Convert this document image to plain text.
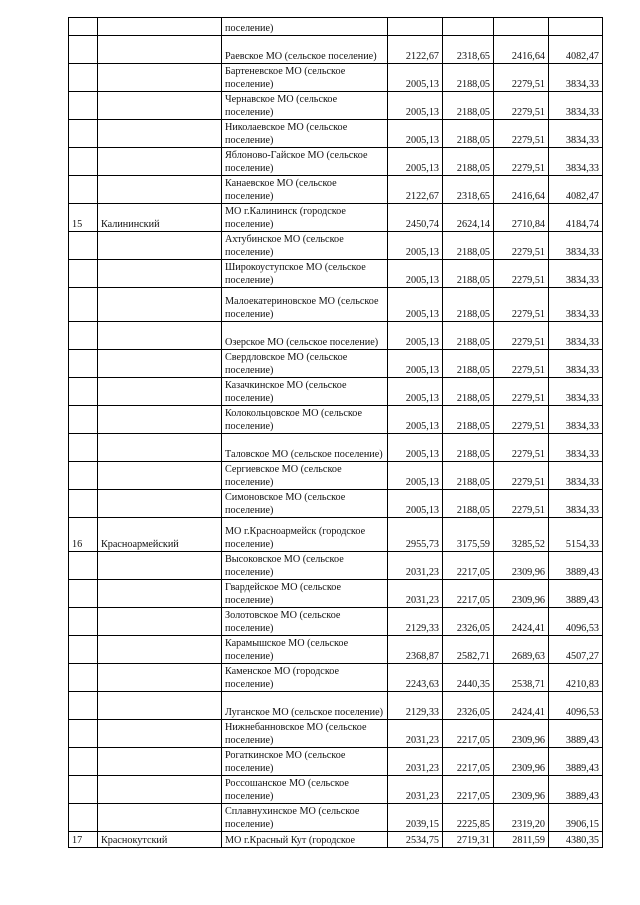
		поселение)				
		Раевское МО (сельское поселение)	2122,67	2318,65	2416,64	4082,47
		Бартеневское МО (сельское поселение)	2005,13	2188,05	2279,51	3834,33
		Чернавское МО (сельское поселение)	2005,13	2188,05	2279,51	3834,33
		Николаевское МО (сельское поселение)	2005,13	2188,05	2279,51	3834,33
		Яблоново-Гайское МО (сельское поселение)	2005,13	2188,05	2279,51	3834,33
		Канаевское МО (сельское поселение)	2122,67	2318,65	2416,64	4082,47
15	Калининский	МО г.Калининск (городское поселение)	2450,74	2624,14	2710,84	4184,74
		Ахтубинское МО (сельское поселение)	2005,13	2188,05	2279,51	3834,33
		Широкоуступское МО (сельское поселение)	2005,13	2188,05	2279,51	3834,33
		Малоекатериновское МО (сельское поселение)	2005,13	2188,05	2279,51	3834,33
		Озерское МО (сельское поселение)	2005,13	2188,05	2279,51	3834,33
		Свердловское МО (сельское поселение)	2005,13	2188,05	2279,51	3834,33
		Казачкинское МО (сельское поселение)	2005,13	2188,05	2279,51	3834,33
		Колокольцовское МО (сельское поселение)	2005,13	2188,05	2279,51	3834,33
		Таловское МО (сельское поселение)	2005,13	2188,05	2279,51	3834,33
		Сергиевское МО (сельское поселение)	2005,13	2188,05	2279,51	3834,33
		Симоновское МО (сельское поселение)	2005,13	2188,05	2279,51	3834,33
16	Красноармейский	МО г.Красноармейск (городское поселение)	2955,73	3175,59	3285,52	5154,33
		Высоковское МО (сельское поселение)	2031,23	2217,05	2309,96	3889,43
		Гвардейское МО (сельское поселение)	2031,23	2217,05	2309,96	3889,43
		Золотовское МО (сельское поселение)	2129,33	2326,05	2424,41	4096,53
		Карамышское МО (сельское поселение)	2368,87	2582,71	2689,63	4507,27
		Каменское МО (городское поселение)	2243,63	2440,35	2538,71	4210,83
		Луганское МО (сельское поселение)	2129,33	2326,05	2424,41	4096,53
		Нижнебанновское МО (сельское поселение)	2031,23	2217,05	2309,96	3889,43
		Рогаткинское МО (сельское поселение)	2031,23	2217,05	2309,96	3889,43
		Россошанское МО (сельское поселение)	2031,23	2217,05	2309,96	3889,43
		Сплавнухинское МО (сельское поселение)	2039,15	2225,85	2319,20	3906,15
17	Краснокутский	МО г.Красный Кут (городское	2534,75	2719,31	2811,59	4380,35
